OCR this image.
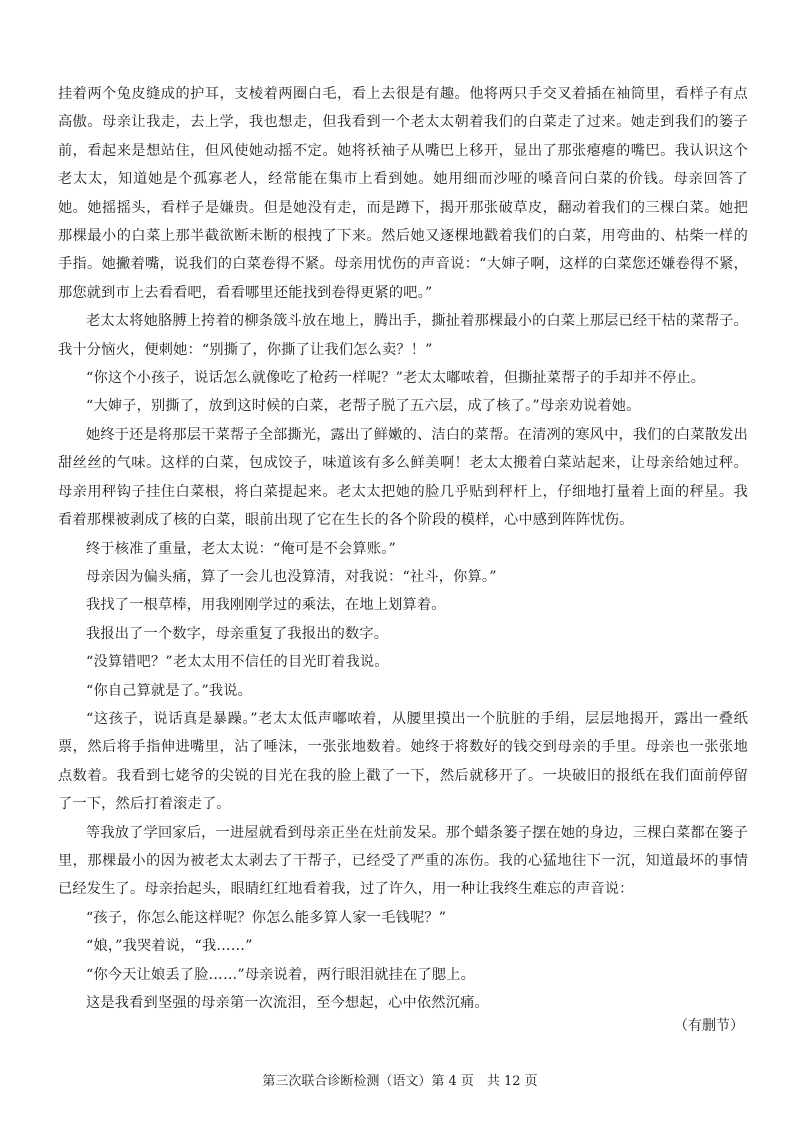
挂着两个兔皮缝成的护耳，支棱着两圈白毛，看上去很是有趣。他将两只手交叉着插在袖筒里，看样子有点高傲。母亲让我走，去上学，我也想走，但我看到一个老太太朝着我们的白菜走了过来。她走到我们的篓子前，看起来是想站住，但风使她动摇不定。她将袄袖子从嘴巴上移开，显出了那张瘪瘪的嘴巴。我认识这个老太太，知道她是个孤寡老人，经常能在集市上看到她。她用细而沙哑的嗓音问白菜的价钱。母亲回答了她。她摇摇头，看样子是嫌贵。但是她没有走，而是蹲下，揭开那张破草皮，翻动着我们的三棵白菜。她把那棵最小的白菜上那半截欲断未断的根拽了下来。然后她又逐棵地戳着我们的白菜，用弯曲的、枯柴一样的手指。她撇着嘴，说我们的白菜卷得不紧。母亲用忧伤的声音说：“大婶子啊，这样的白菜您还嫌卷得不紧，那您就到市上去看看吧，看看哪里还能找到卷得更紧的吧。”

老太太将她胳膊上挎着的柳条筬斗放在地上，腾出手，撕扯着那棵最小的白菜上那层已经干枯的菜帮子。我十分恼火，便刺她：“别撕了，你撕了让我们怎么卖？！”

“你这个小孩子，说话怎么就像吃了枪药一样呢？”老太太嘟哝着，但撕扯菜帮子的手却并不停止。

“大婶子，别撕了，放到这时候的白菜，老帮子脱了五六层，成了核了。”母亲劝说着她。

她终于还是将那层干菜帮子全部撕光，露出了鲜嫩的、洁白的菜帮。在清冽的寒风中，我们的白菜散发出甜丝丝的气味。这样的白菜，包成饺子，味道该有多么鲜美啊！老太太搬着白菜站起来，让母亲给她过秤。母亲用秤钩子挂住白菜根，将白菜提起来。老太太把她的脸几乎贴到秤杆上，仔细地打量着上面的秤星。我看着那棵被剥成了核的白菜，眼前出现了它在生长的各个阶段的模样，心中感到阵阵忧伤。

终于核准了重量，老太太说：“俺可是不会算账。”

母亲因为偏头痛，算了一会儿也没算清，对我说：“社斗，你算。”

我找了一根草棒，用我刚刚学过的乘法，在地上划算着。

我报出了一个数字，母亲重复了我报出的数字。

“没算错吧？”老太太用不信任的目光盯着我说。

“你自己算就是了。”我说。

“这孩子，说话真是暴躁。”老太太低声嘟哝着，从腰里摸出一个肮脏的手绢，层层地揭开，露出一叠纸票，然后将手指伸进嘴里，沾了唾沫，一张张地数着。她终于将数好的钱交到母亲的手里。母亲也一张张地点数着。我看到七姥爷的尖锐的目光在我的脸上戳了一下，然后就移开了。一块破旧的报纸在我们面前停留了一下，然后打着滚走了。

等我放了学回家后，一进屋就看到母亲正坐在灶前发呆。那个蜡条篓子摆在她的身边，三棵白菜都在篓子里，那棵最小的因为被老太太剥去了干帮子，已经受了严重的冻伤。我的心猛地往下一沉，知道最坏的事情已经发生了。母亲抬起头，眼睛红红地看着我，过了许久，用一种让我终生难忘的声音说：

“孩子，你怎么能这样呢？你怎么能多算人家一毛钱呢？”

“娘，”我哭着说，“我……”

“你今天让娘丢了脸……”母亲说着，两行眼泪就挂在了腮上。

这是我看到坚强的母亲第一次流泪，至今想起，心中依然沉痛。

（有删节）
第三次联合诊断检测（语文）第 4 页　共 12 页
